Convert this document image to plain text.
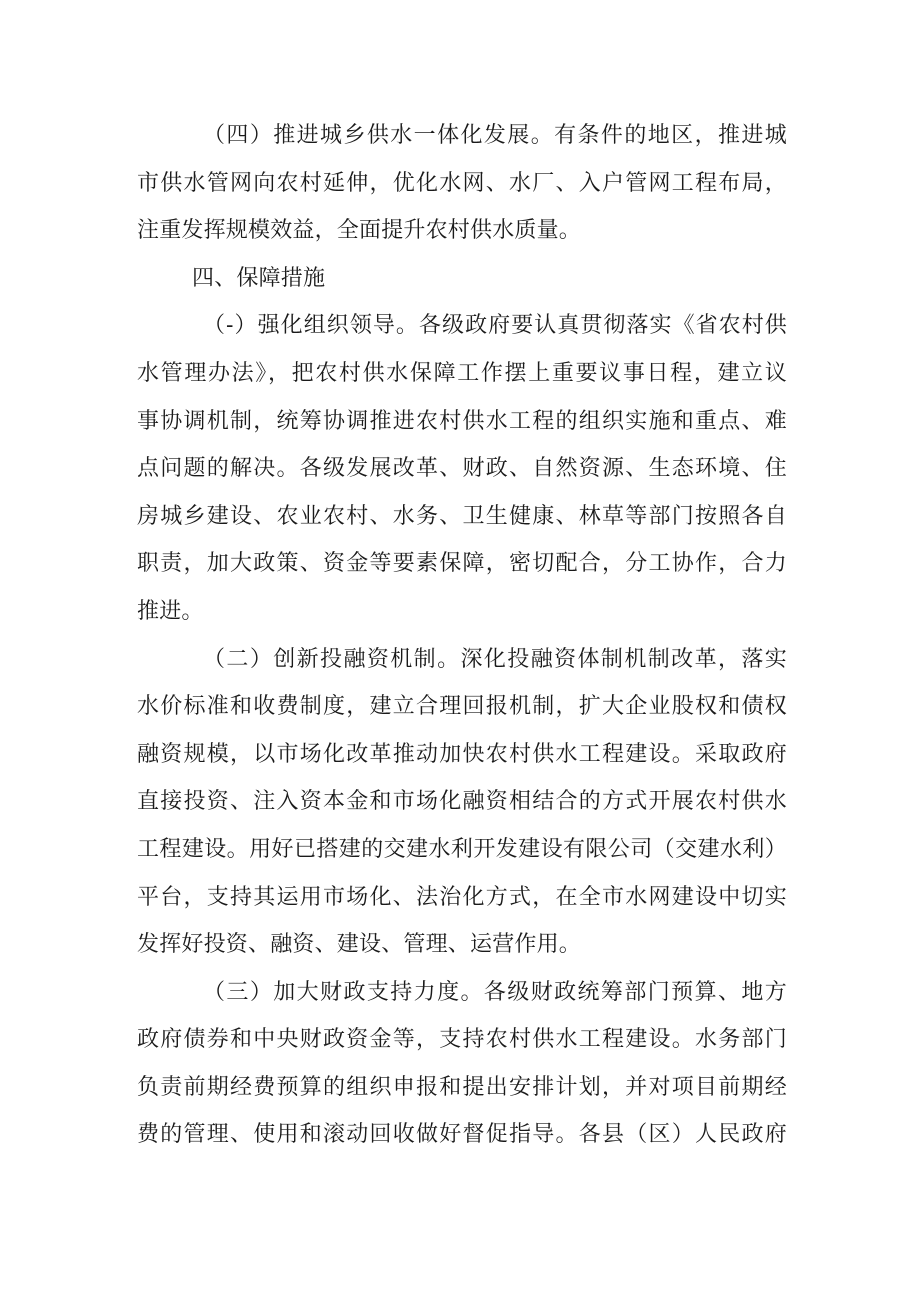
（四）推进城乡供水一体化发展。有条件的地区，推进城
市供水管网向农村延伸，优化水网、水厂、入户管网工程布局，
注重发挥规模效益，全面提升农村供水质量。
四、保障措施
（-）强化组织领导。各级政府要认真贯彻落实《省农村供
水管理办法》，把农村供水保障工作摆上重要议事日程，建立议
事协调机制，统筹协调推进农村供水工程的组织实施和重点、难
点问题的解决。各级发展改革、财政、自然资源、生态环境、住
房城乡建设、农业农村、水务、卫生健康、林草等部门按照各自
职责，加大政策、资金等要素保障，密切配合，分工协作，合力
推进。
（二）创新投融资机制。深化投融资体制机制改革，落实
水价标准和收费制度，建立合理回报机制，扩大企业股权和债权
融资规模，以市场化改革推动加快农村供水工程建设。采取政府
直接投资、注入资本金和市场化融资相结合的方式开展农村供水
工程建设。用好已搭建的交建水利开发建设有限公司（交建水利）
平台，支持其运用市场化、法治化方式，在全市水网建设中切实
发挥好投资、融资、建设、管理、运营作用。
（三）加大财政支持力度。各级财政统筹部门预算、地方
政府债券和中央财政资金等，支持农村供水工程建设。水务部门
负责前期经费预算的组织申报和提出安排计划，并对项目前期经
费的管理、使用和滚动回收做好督促指导。各县（区）人民政府
